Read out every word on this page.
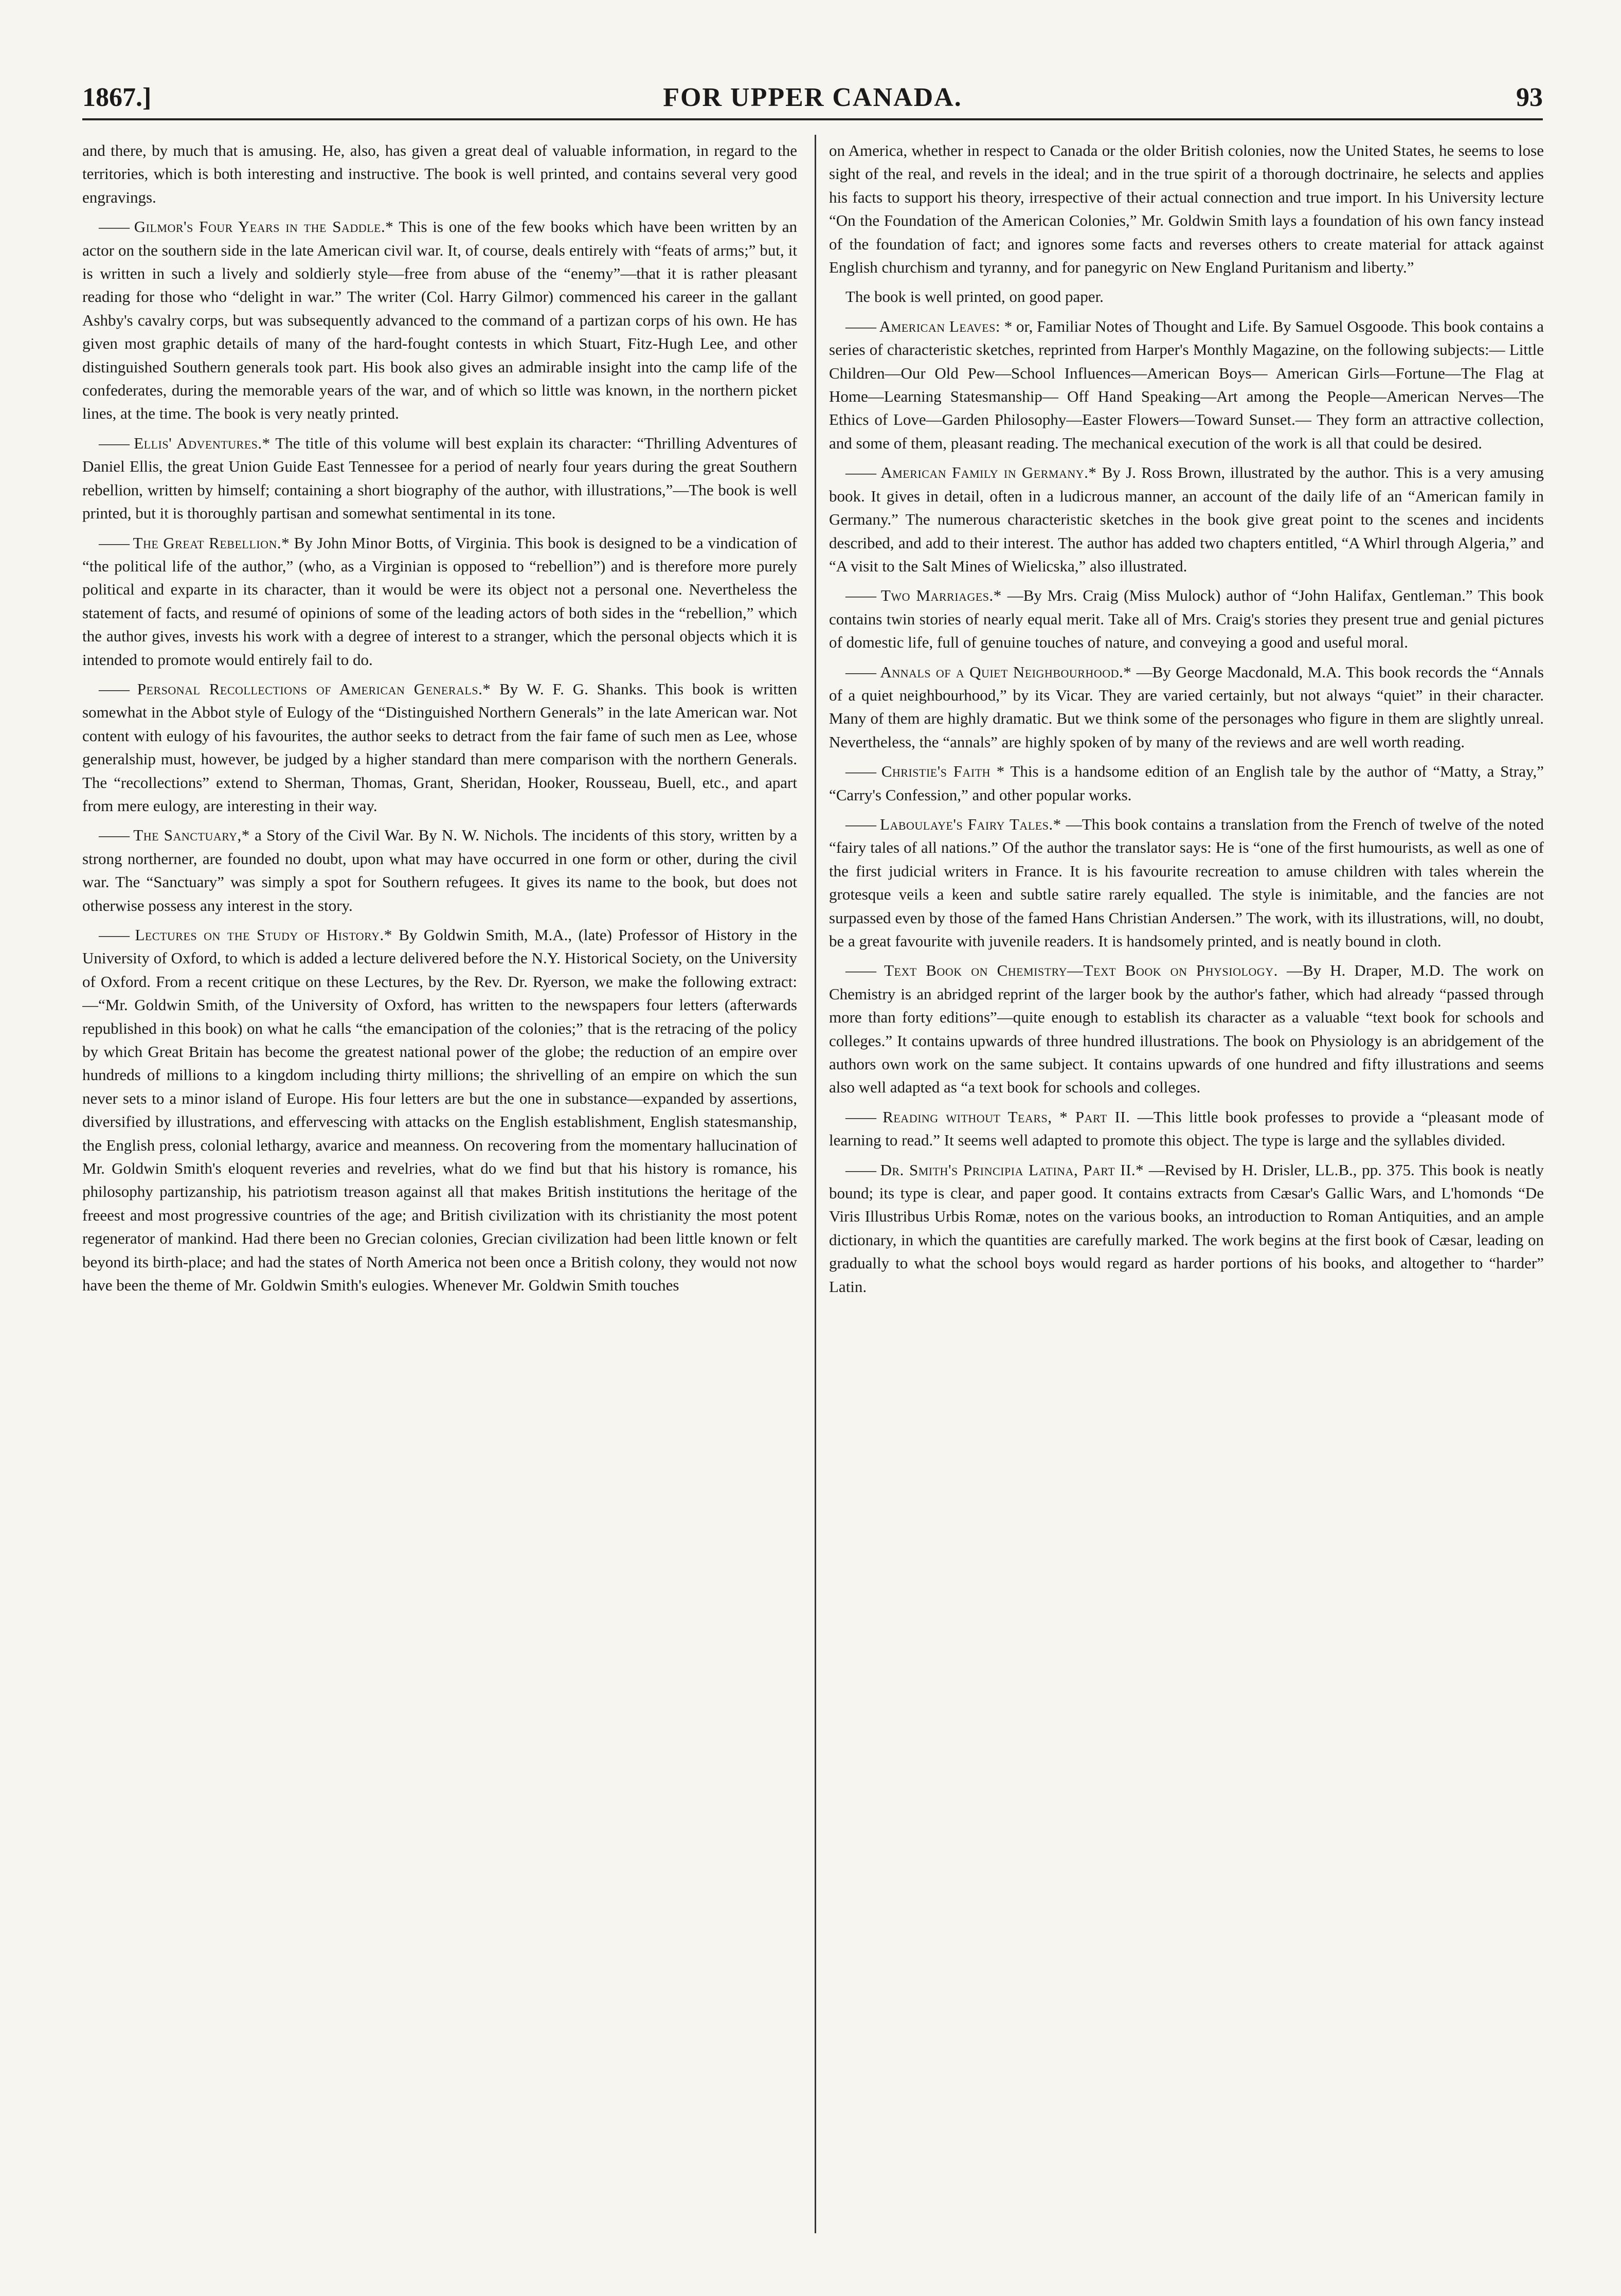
1867.]	FOR UPPER CANADA.	93

and there, by much that is amusing. He, also, has given a great deal of valuable information, in regard to the territories, which is both interesting and instructive. The book is well printed, and contains several very good engravings.

—— Gilmor's Four Years in the Saddle.* This is one of the few books which have been written by an actor on the southern side in the late American civil war. It, of course, deals entirely with “feats of arms;” but, it is written in such a lively and soldierly style—free from abuse of the “enemy”—that it is rather pleasant reading for those who “delight in war.” The writer (Col. Harry Gilmor) commenced his career in the gallant Ashby's cavalry corps, but was subsequently advanced to the command of a partizan corps of his own. He has given most graphic details of many of the hard-fought contests in which Stuart, Fitz-Hugh Lee, and other distinguished Southern generals took part. His book also gives an admirable insight into the camp life of the confederates, during the memorable years of the war, and of which so little was known, in the northern picket lines, at the time. The book is very neatly printed.

—— Ellis' Adventures.* The title of this volume will best explain its character: “Thrilling Adventures of Daniel Ellis, the great Union Guide East Tennessee for a period of nearly four years during the great Southern rebellion, written by himself; containing a short biography of the author, with illustrations,”—The book is well printed, but it is thoroughly partisan and somewhat sentimental in its tone.

—— The Great Rebellion.* By John Minor Botts, of Virginia. This book is designed to be a vindication of “the political life of the author,” (who, as a Virginian is opposed to “rebellion”) and is therefore more purely political and exparte in its character, than it would be were its object not a personal one. Nevertheless the statement of facts, and resumé of opinions of some of the leading actors of both sides in the “rebellion,” which the author gives, invests his work with a degree of interest to a stranger, which the personal objects which it is intended to promote would entirely fail to do.

—— Personal Recollections of American Generals.* By W. F. G. Shanks. This book is written somewhat in the Abbot style of Eulogy of the “Distinguished Northern Generals” in the late American war. Not content with eulogy of his favourites, the author seeks to detract from the fair fame of such men as Lee, whose generalship must, however, be judged by a higher standard than mere comparison with the northern Generals. The “recollections” extend to Sherman, Thomas, Grant, Sheridan, Hooker, Rousseau, Buell, etc., and apart from mere eulogy, are interesting in their way.

—— The Sanctuary,* a Story of the Civil War. By N. W. Nichols. The incidents of this story, written by a strong northerner, are founded no doubt, upon what may have occurred in one form or other, during the civil war. The “Sanctuary” was simply a spot for Southern refugees. It gives its name to the book, but does not otherwise possess any interest in the story.

—— Lectures on the Study of History.* By Goldwin Smith, M.A., (late) Professor of History in the University of Oxford, to which is added a lecture delivered before the N.Y. Historical Society, on the University of Oxford. From a recent critique on these Lectures, by the Rev. Dr. Ryerson, we make the following extract:—“Mr. Goldwin Smith, of the University of Oxford, has written to the newspapers four letters (afterwards republished in this book) on what he calls “the emancipation of the colonies;” that is the retracing of the policy by which Great Britain has become the greatest national power of the globe; the reduction of an empire over hundreds of millions to a kingdom including thirty millions; the shrivelling of an empire on which the sun never sets to a minor island of Europe. His four letters are but the one in substance—expanded by assertions, diversified by illustrations, and effervescing with attacks on the English establishment, English statesmanship, the English press, colonial lethargy, avarice and meanness. On recovering from the momentary hallucination of Mr. Goldwin Smith's eloquent reveries and revelries, what do we find but that his history is romance, his philosophy partizanship, his patriotism treason against all that makes British institutions the heritage of the freeest and most progressive countries of the age; and British civilization with its christianity the most potent regenerator of mankind. Had there been no Grecian colonies, Grecian civilization had been little known or felt beyond its birth-place; and had the states of North America not been once a British colony, they would not now have been the theme of Mr. Goldwin Smith's eulogies. Whenever Mr. Goldwin Smith touches

on America, whether in respect to Canada or the older British colonies, now the United States, he seems to lose sight of the real, and revels in the ideal; and in the true spirit of a thorough doctrinaire, he selects and applies his facts to support his theory, irrespective of their actual connection and true import. In his University lecture “On the Foundation of the American Colonies,” Mr. Goldwin Smith lays a foundation of his own fancy instead of the foundation of fact; and ignores some facts and reverses others to create material for attack against English churchism and tyranny, and for panegyric on New England Puritanism and liberty.”

The book is well printed, on good paper.

—— American Leaves: * or, Familiar Notes of Thought and Life. By Samuel Osgoode. This book contains a series of characteristic sketches, reprinted from Harper's Monthly Magazine, on the following subjects:— Little Children—Our Old Pew—School Influences—American Boys— American Girls—Fortune—The Flag at Home—Learning Statesmanship— Off Hand Speaking—Art among the People—American Nerves—The Ethics of Love—Garden Philosophy—Easter Flowers—Toward Sunset.— They form an attractive collection, and some of them, pleasant reading. The mechanical execution of the work is all that could be desired.

—— American Family in Germany.* By J. Ross Brown, illustrated by the author. This is a very amusing book. It gives in detail, often in a ludicrous manner, an account of the daily life of an “American family in Germany.” The numerous characteristic sketches in the book give great point to the scenes and incidents described, and add to their interest. The author has added two chapters entitled, “A Whirl through Algeria,” and “A visit to the Salt Mines of Wielicska,” also illustrated.

—— Two Marriages.* —By Mrs. Craig (Miss Mulock) author of “John Halifax, Gentleman.” This book contains twin stories of nearly equal merit. Take all of Mrs. Craig's stories they present true and genial pictures of domestic life, full of genuine touches of nature, and conveying a good and useful moral.

—— Annals of a Quiet Neighbourhood.* —By George Macdonald, M.A. This book records the “Annals of a quiet neighbourhood,” by its Vicar. They are varied certainly, but not always “quiet” in their character. Many of them are highly dramatic. But we think some of the personages who figure in them are slightly unreal. Nevertheless, the “annals” are highly spoken of by many of the reviews and are well worth reading.

—— Christie's Faith * This is a handsome edition of an English tale by the author of “Matty, a Stray,” “Carry's Confession,” and other popular works.

—— Laboulaye's Fairy Tales.* —This book contains a translation from the French of twelve of the noted “fairy tales of all nations.” Of the author the translator says: He is “one of the first humourists, as well as one of the first judicial writers in France. It is his favourite recreation to amuse children with tales wherein the grotesque veils a keen and subtle satire rarely equalled. The style is inimitable, and the fancies are not surpassed even by those of the famed Hans Christian Andersen.” The work, with its illustrations, will, no doubt, be a great favourite with juvenile readers. It is handsomely printed, and is neatly bound in cloth.

—— Text Book on Chemistry—Text Book on Physiology. —By H. Draper, M.D. The work on Chemistry is an abridged reprint of the larger book by the author's father, which had already “passed through more than forty editions”—quite enough to establish its character as a valuable “text book for schools and colleges.” It contains upwards of three hundred illustrations. The book on Physiology is an abridgement of the authors own work on the same subject. It contains upwards of one hundred and fifty illustrations and seems also well adapted as “a text book for schools and colleges.

—— Reading without Tears, * Part II. —This little book professes to provide a “pleasant mode of learning to read.” It seems well adapted to promote this object. The type is large and the syllables divided.

—— Dr. Smith's Principia Latina, Part II.* —Revised by H. Drisler, LL.B., pp. 375. This book is neatly bound; its type is clear, and paper good. It contains extracts from Cæsar's Gallic Wars, and L'homonds “De Viris Illustribus Urbis Romæ, notes on the various books, an introduction to Roman Antiquities, and an ample dictionary, in which the quantities are carefully marked. The work begins at the first book of Cæsar, leading on gradually to what the school boys would regard as harder portions of his books, and altogether to “harder” Latin.
